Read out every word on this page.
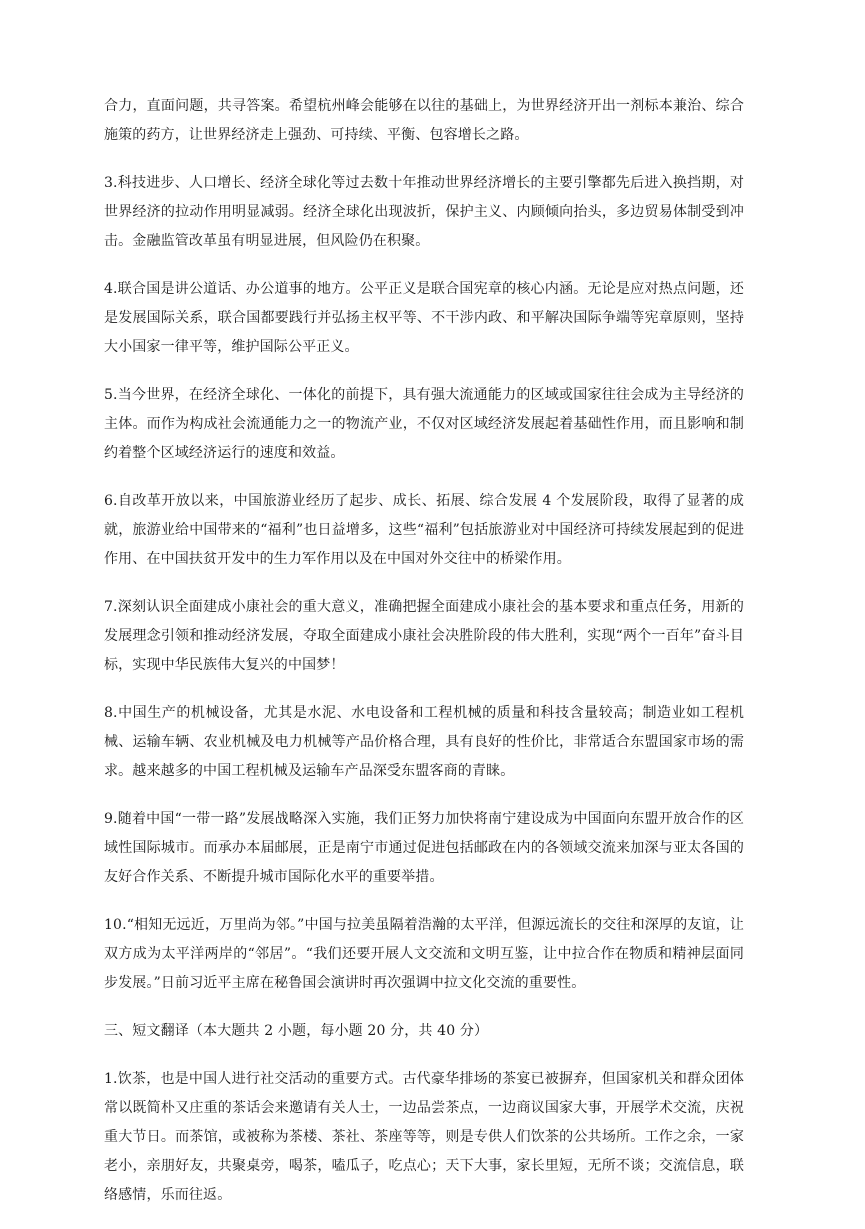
合力，直面问题，共寻答案。希望杭州峰会能够在以往的基础上，为世界经济开出一剂标本兼治、综合施策的药方，让世界经济走上强劲、可持续、平衡、包容增长之路。

3.科技进步、人口增长、经济全球化等过去数十年推动世界经济增长的主要引擎都先后进入换挡期，对世界经济的拉动作用明显减弱。经济全球化出现波折，保护主义、内顾倾向抬头，多边贸易体制受到冲击。金融监管改革虽有明显进展，但风险仍在积聚。

4.联合国是讲公道话、办公道事的地方。公平正义是联合国宪章的核心内涵。无论是应对热点问题，还是发展国际关系，联合国都要践行并弘扬主权平等、不干涉内政、和平解决国际争端等宪章原则，坚持大小国家一律平等，维护国际公平正义。

5.当今世界，在经济全球化、一体化的前提下，具有强大流通能力的区域或国家往往会成为主导经济的主体。而作为构成社会流通能力之一的物流产业，不仅对区域经济发展起着基础性作用，而且影响和制约着整个区域经济运行的速度和效益。

6.自改革开放以来，中国旅游业经历了起步、成长、拓展、综合发展 4 个发展阶段，取得了显著的成就，旅游业给中国带来的“福利”也日益增多，这些“福利”包括旅游业对中国经济可持续发展起到的促进作用、在中国扶贫开发中的生力军作用以及在中国对外交往中的桥梁作用。

7.深刻认识全面建成小康社会的重大意义，准确把握全面建成小康社会的基本要求和重点任务，用新的发展理念引领和推动经济发展，夺取全面建成小康社会决胜阶段的伟大胜利，实现“两个一百年”奋斗目标，实现中华民族伟大复兴的中国梦！

8.中国生产的机械设备，尤其是水泥、水电设备和工程机械的质量和科技含量较高；制造业如工程机械、运输车辆、农业机械及电力机械等产品价格合理，具有良好的性价比，非常适合东盟国家市场的需求。越来越多的中国工程机械及运输车产品深受东盟客商的青睐。

9.随着中国“一带一路”发展战略深入实施，我们正努力加快将南宁建设成为中国面向东盟开放合作的区域性国际城市。而承办本届邮展，正是南宁市通过促进包括邮政在内的各领域交流来加深与亚太各国的友好合作关系、不断提升城市国际化水平的重要举措。

10.“相知无远近，万里尚为邻。”中国与拉美虽隔着浩瀚的太平洋，但源远流长的交往和深厚的友谊，让双方成为太平洋两岸的“邻居”。“我们还要开展人文交流和文明互鉴，让中拉合作在物质和精神层面同步发展。”日前习近平主席在秘鲁国会演讲时再次强调中拉文化交流的重要性。

三、短文翻译（本大题共 2 小题，每小题 20 分，共 40 分）

1.饮茶，也是中国人进行社交活动的重要方式。古代豪华排场的茶宴已被摒弃，但国家机关和群众团体常以既简朴又庄重的茶话会来邀请有关人士，一边品尝茶点，一边商议国家大事，开展学术交流，庆祝重大节日。而茶馆，或被称为茶楼、茶社、茶座等等，则是专供人们饮茶的公共场所。工作之余，一家老小，亲朋好友，共聚桌旁，喝茶，嗑瓜子，吃点心；天下大事，家长里短，无所不谈；交流信息，联络感情，乐而往返。
